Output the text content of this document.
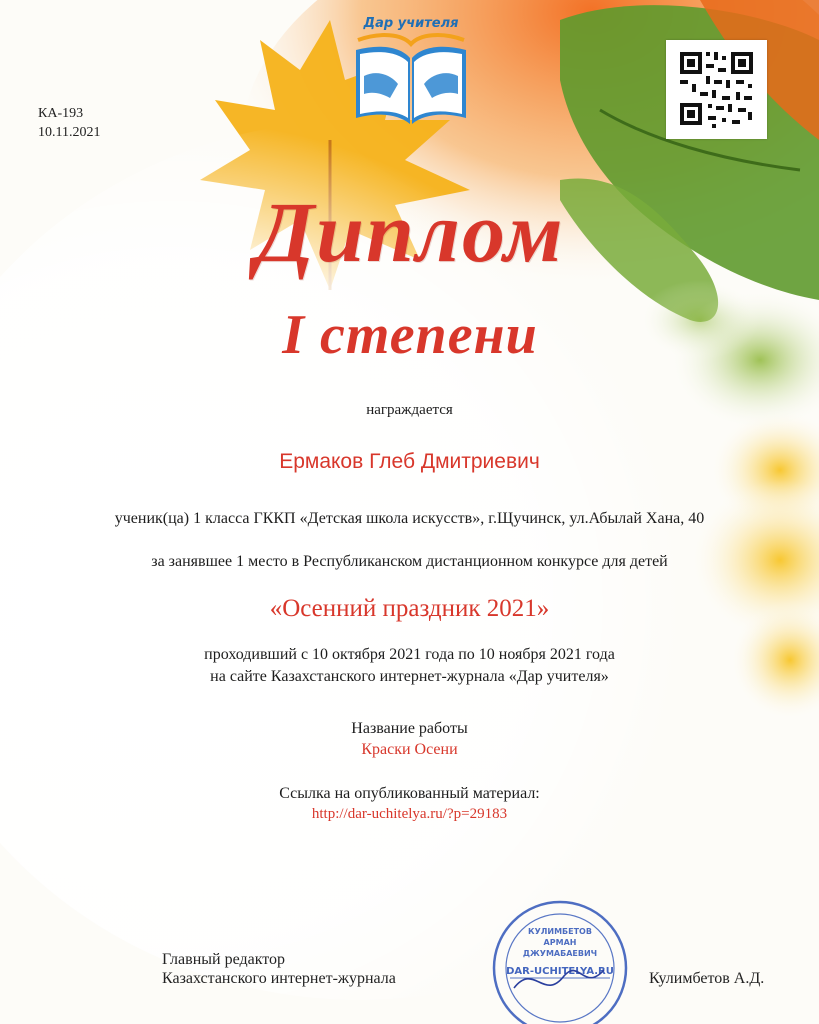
КА-193
10.11.2021
Дар учителя
Диплом
I степени
награждается
Ермаков Глеб Дмитриевич
ученик(ца) 1 класса ГККП «Детская школа искусств», г.Щучинск, ул.Абылай Хана, 40
за занявшее 1 место в Республиканском дистанционном конкурсе для детей
«Осенний праздник 2021»
проходивший с 10 октября 2021 года по 10 ноября 2021 года
на сайте Казахстанского интернет-журнала «Дар учителя»
Название работы
Краски Осени
Ссылка на опубликованный материал:
http://dar-uchitelya.ru/?p=29183
Главный редактор
Казахстанского интернет-журнала	Кулимбетов А.Д.
КУЛИМБЕТОВ
АРМАН
ДЖУМАБАЕВИЧ
DAR-UCHITELYA.RU
